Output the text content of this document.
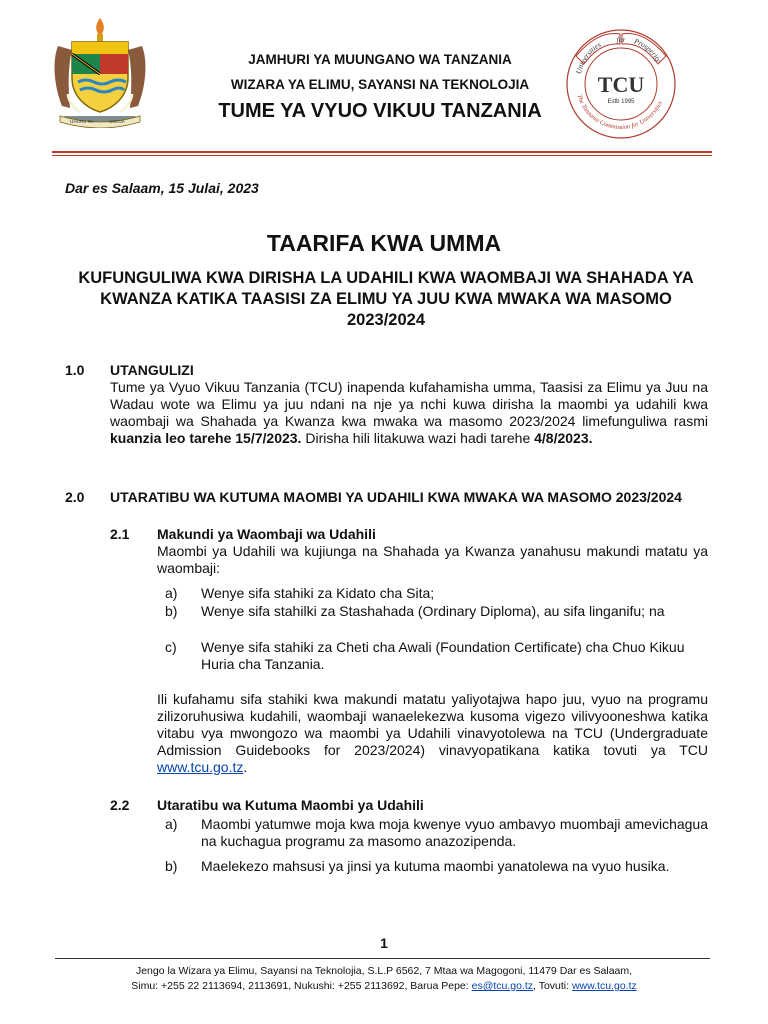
UHURU NA	UMOJA
JAMHURI YA MUUNGANO WA TANZANIA
WIZARA YA ELIMU, SAYANSI NA TEKNOLOJIA
TUME YA VYUO VIKUU TANZANIA
Universities
for Prosperity
TCU
Estb 1995
The Tanzania Commission for Universities
Dar es Salaam, 15 Julai, 2023
TAARIFA KWA UMMA
KUFUNGULIWA KWA DIRISHA LA UDAHILI KWA WAOMBAJI WA SHAHADA YA KWANZA KATIKA TAASISI ZA ELIMU YA JUU KWA MWAKA WA MASOMO 2023/2024
1.0 UTANGULIZI
Tume ya Vyuo Vikuu Tanzania (TCU) inapenda kufahamisha umma, Taasisi za Elimu ya Juu na Wadau wote wa Elimu ya juu ndani na nje ya nchi kuwa dirisha la maombi ya udahili kwa waombaji wa Shahada ya Kwanza kwa mwaka wa masomo 2023/2024 limefunguliwa rasmi kuanzia leo tarehe 15/7/2023. Dirisha hili litakuwa wazi hadi tarehe 4/8/2023.
2.0 UTARATIBU WA KUTUMA MAOMBI YA UDAHILI KWA MWAKA WA MASOMO 2023/2024
2.1 Makundi ya Waombaji wa Udahili
Maombi ya Udahili wa kujiunga na Shahada ya Kwanza yanahusu makundi matatu ya waombaji:
a) Wenye sifa stahiki za Kidato cha Sita;
b) Wenye sifa stahilki za Stashahada (Ordinary Diploma), au sifa linganifu; na
c) Wenye sifa stahiki za Cheti cha Awali (Foundation Certificate) cha Chuo Kikuu Huria cha Tanzania.
Ili kufahamu sifa stahiki kwa makundi matatu yaliyotajwa hapo juu, vyuo na programu zilizoruhusiwa kudahili, waombaji wanaelekezwa kusoma vigezo vilivyooneshwa katika vitabu vya mwongozo wa maombi ya Udahili vinavyotolewa na TCU (Undergraduate Admission Guidebooks for 2023/2024) vinavyopatikana katika tovuti ya TCU www.tcu.go.tz.
2.2 Utaratibu wa Kutuma Maombi ya Udahili
a) Maombi yatumwe moja kwa moja kwenye vyuo ambavyo muombaji amevichagua na kuchagua programu za masomo anazozipenda.
b) Maelekezo mahsusi ya jinsi ya kutuma maombi yanatolewa na vyuo husika.
1
Jengo la Wizara ya Elimu, Sayansi na Teknolojia, S.L.P 6562, 7 Mtaa wa Magogoni, 11479 Dar es Salaam,
Simu: +255 22 2113694, 2113691, Nukushi: +255 2113692, Barua Pepe: es@tcu.go.tz, Tovuti: www.tcu.go.tz
